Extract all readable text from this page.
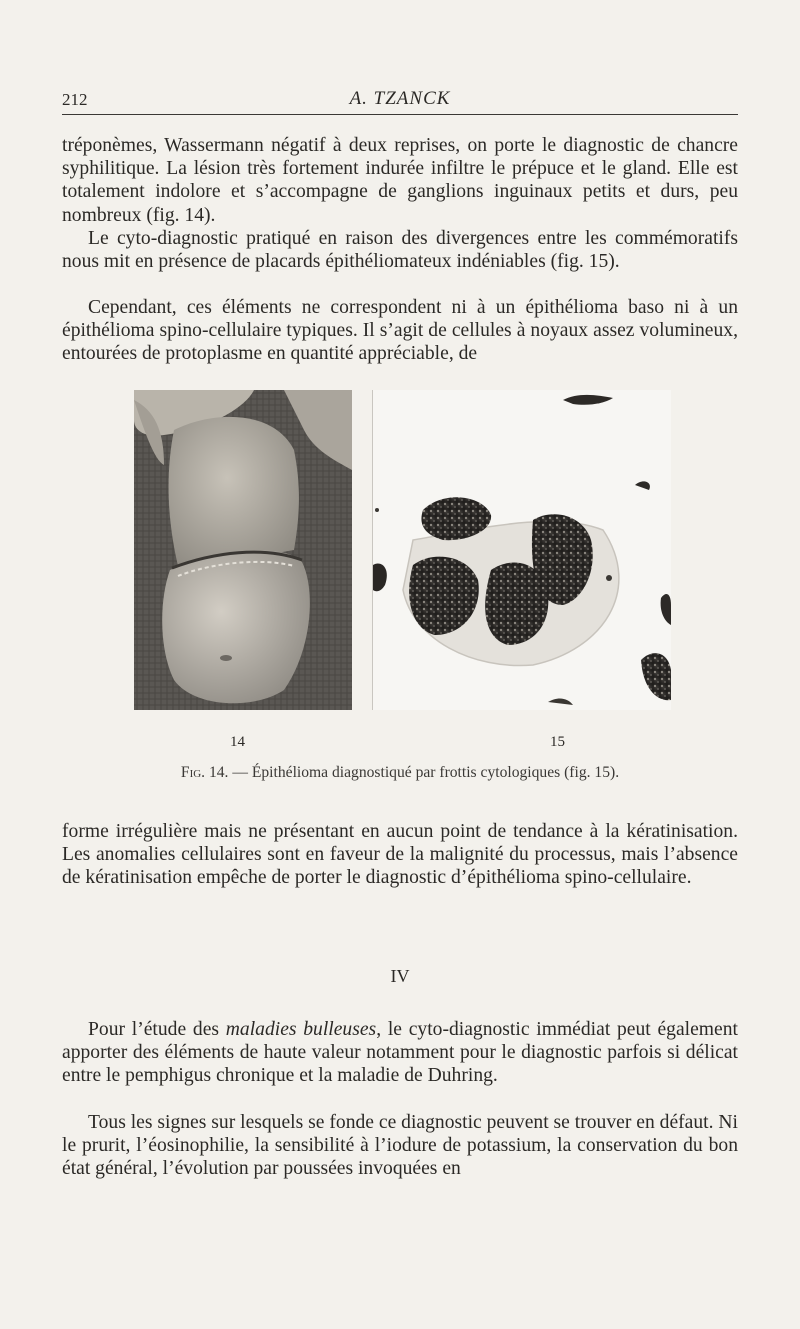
212	A. TZANCK

tréponèmes, Wassermann négatif à deux reprises, on porte le diagnostic de chancre syphilitique. La lésion très fortement indurée infiltre le prépuce et le gland. Elle est totalement indolore et s’accompagne de ganglions inguinaux petits et durs, peu nombreux (fig. 14).

Le cyto-diagnostic pratiqué en raison des divergences entre les commémoratifs nous mit en présence de placards épithéliomateux indéniables (fig. 15).

Cependant, ces éléments ne correspondent ni à un épithélioma baso ni à un épithélioma spino-cellulaire typiques. Il s’agit de cellules à noyaux assez volumineux, entourées de protoplasme en quantité appréciable, de

14	15
Fig. 14. — Épithélioma diagnostiqué par frottis cytologiques (fig. 15).

forme irrégulière mais ne présentant en aucun point de tendance à la kératinisation. Les anomalies cellulaires sont en faveur de la malignité du processus, mais l’absence de kératinisation empêche de porter le diagnostic d’épithélioma spino-cellulaire.

IV

Pour l’étude des maladies bulleuses, le cyto-diagnostic immédiat peut également apporter des éléments de haute valeur notamment pour le diagnostic parfois si délicat entre le pemphigus chronique et la maladie de Duhring.

Tous les signes sur lesquels se fonde ce diagnostic peuvent se trouver en défaut. Ni le prurit, l’éosinophilie, la sensibilité à l’iodure de potassium, la conservation du bon état général, l’évolution par poussées invoquées en
